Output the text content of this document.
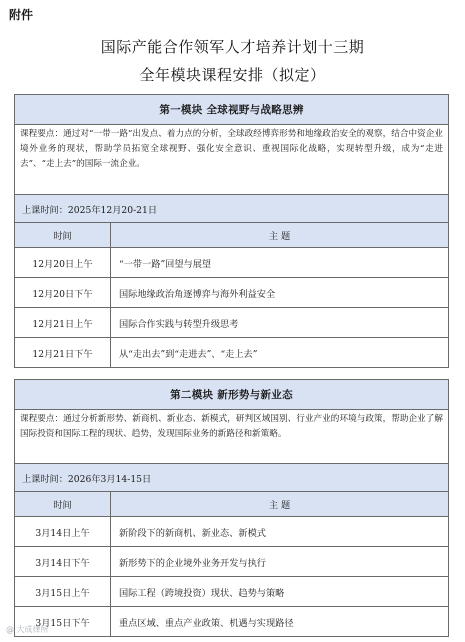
附件
国际产能合作领军人才培养计划十三期
全年模块课程安排（拟定）
第一模块 全球视野与战略思辨	
课程要点：通过对“一带一路”出发点、着力点的分析，全球政经博弈形势和地缘政治安全的观察，结合中资企业境外业务的现状，帮助学员拓宽全球视野、强化安全意识、重视国际化战略，实现转型升级，成为“走进去”、“走上去”的国际一流企业。	
上课时间：2025年12月20-21日	
时间	主 题
12月20日上午	“一带一路”回望与展望
12月20日下午	国际地缘政治角逐博弈与海外利益安全
12月21日上午	国际合作实践与转型升级思考
12月21日下午	从“走出去”到“走进去”、“走上去”
第二模块 新形势与新业态	
课程要点：通过分析新形势、新商机、新业态、新模式，研判区域国别、行业产业的环境与政策，帮助企业了解国际投资和国际工程的现状、趋势，发现国际业务的新路径和新策略。	
上课时间：2026年3月14-15日	
时间	主 题
3月14日上午	新阶段下的新商机、新业态、新模式
3月14日下午	新形势下的企业境外业务开发与执行
3月15日上午	国际工程（跨境投资）现状、趋势与策略
3月15日下午	重点区域、重点产业政策、机遇与实现路径
@ 大成律所
